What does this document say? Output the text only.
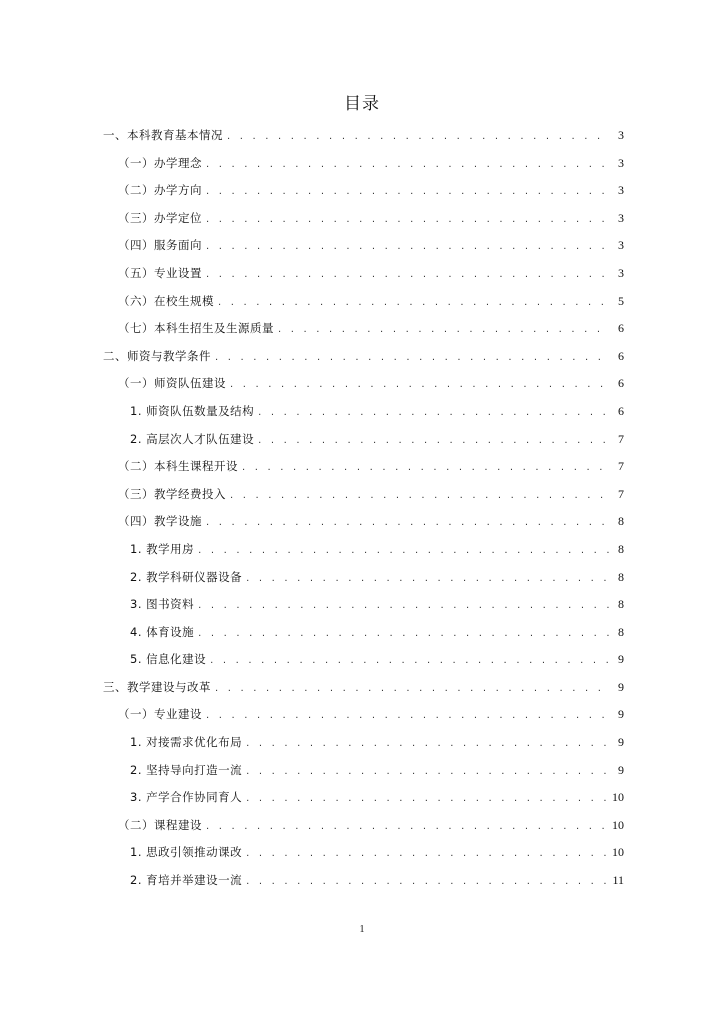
目录
一、本科教育基本情况 . . .	3
（一）办学理念 . . .	3
（二）办学方向 . . .	3
（三）办学定位 . . .	3
（四）服务面向 . . .	3
（五）专业设置 . . .	3
（六）在校生规模 . . .	5
（七）本科生招生及生源质量 . . .	6
二、师资与教学条件 . . .	6
（一）师资队伍建设 . . .	6
1. 师资队伍数量及结构 . . .	6
2. 高层次人才队伍建设 . . .	7
（二）本科生课程开设 . . .	7
（三）教学经费投入 . . .	7
（四）教学设施 . . .	8
1. 教学用房 . . .	8
2. 教学科研仪器设备 . . .	8
3. 图书资料 . . .	8
4. 体育设施 . . .	8
5. 信息化建设 . . .	9
三、教学建设与改革 . . .	9
（一）专业建设 . . .	9
1. 对接需求优化布局 . . .	9
2. 坚持导向打造一流 . . .	9
3. 产学合作协同育人 . . .	10
（二）课程建设 . . .	10
1. 思政引领推动课改 . . .	10
2. 育培并举建设一流 . . .	11
1
